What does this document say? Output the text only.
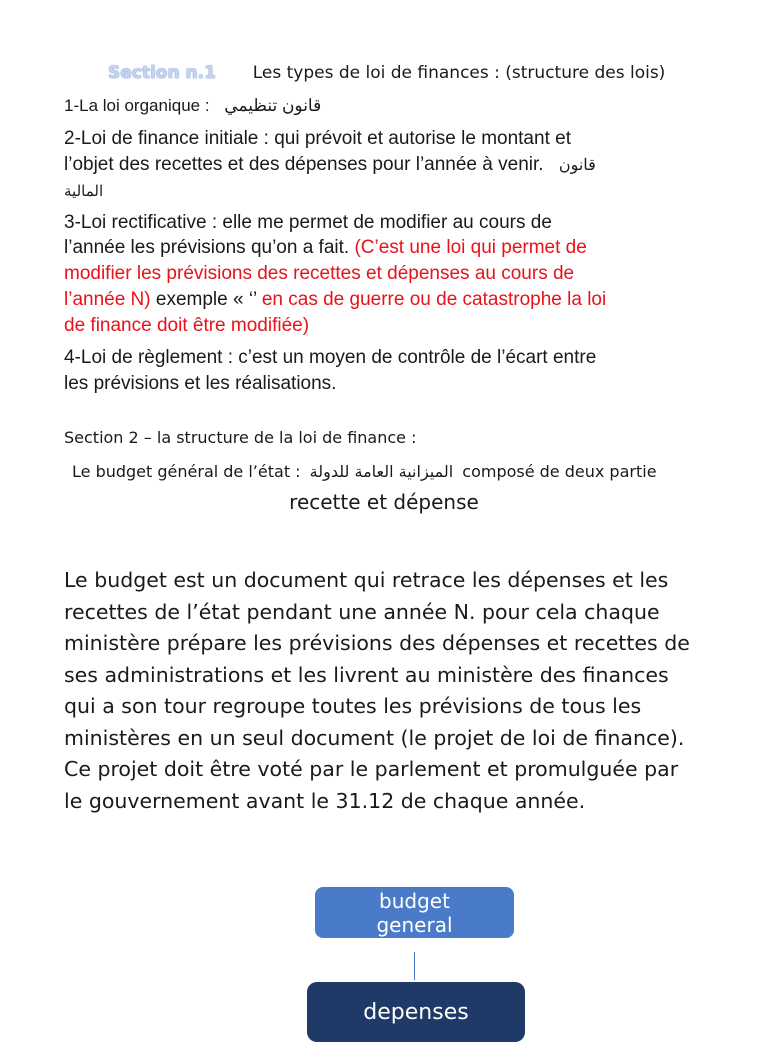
Section n.1 Les types de loi de finances : (structure des lois)
1-La loi organique : قانون تنظيمي
2-Loi de finance initiale : qui prévoit et autorise le montant et
l’objet des recettes et des dépenses pour l’année à venir. قانون
المالية
3-Loi rectificative : elle me permet de modifier au cours de
l’année les prévisions qu’on a fait. (C’est une loi qui permet de
modifier les prévisions des recettes et dépenses au cours de
l’année N) exemple « ‘’ en cas de guerre ou de catastrophe la loi
de finance doit être modifiée)
4-Loi de règlement : c’est un moyen de contrôle de l’écart entre
les prévisions et les réalisations.
Section 2 – la structure de la loi de finance :
Le budget général de l’état : الميزانية العامة للدولة composé de deux partie
recette et dépense
Le budget est un document qui retrace les dépenses et les
recettes de l’état pendant une année N. pour cela chaque
ministère prépare les prévisions des dépenses et recettes de
ses administrations et les livrent au ministère des finances
qui a son tour regroupe toutes les prévisions de tous les
ministères en un seul document (le projet de loi de finance).
Ce projet doit être voté par le parlement et promulguée par
le gouvernement avant le 31.12 de chaque année.
budget
general
depenses
